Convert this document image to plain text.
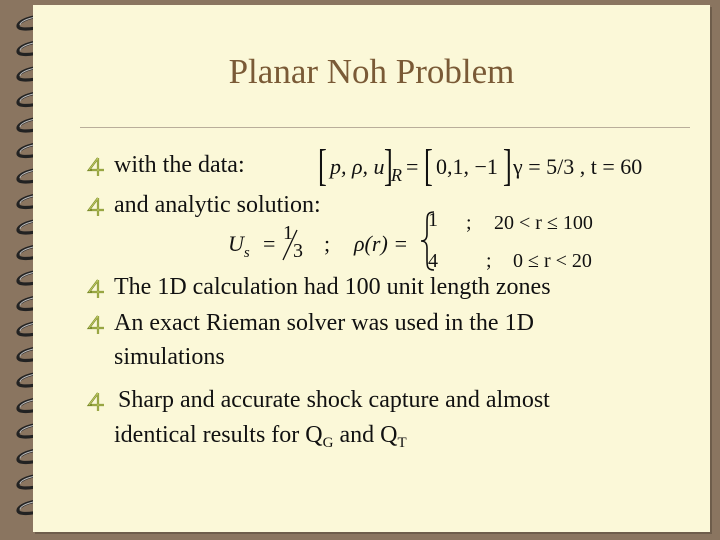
Planar Noh Problem
with the data:
and analytic solution:
The 1D calculation had 100 unit length zones
An exact Rieman solver was used in the 1D
simulations
Sharp and accurate shock capture and almost
identical results for $Q_G$ and $Q_T$
[ p, ρ, u ]
R = [ 0,1, −1 ] γ = 5/3 , t = 60
$U_s = 1$
3 ; ρ(r) =
1 ; 20 < r ≤ 100
4 ; 0 ≤ r < 20
